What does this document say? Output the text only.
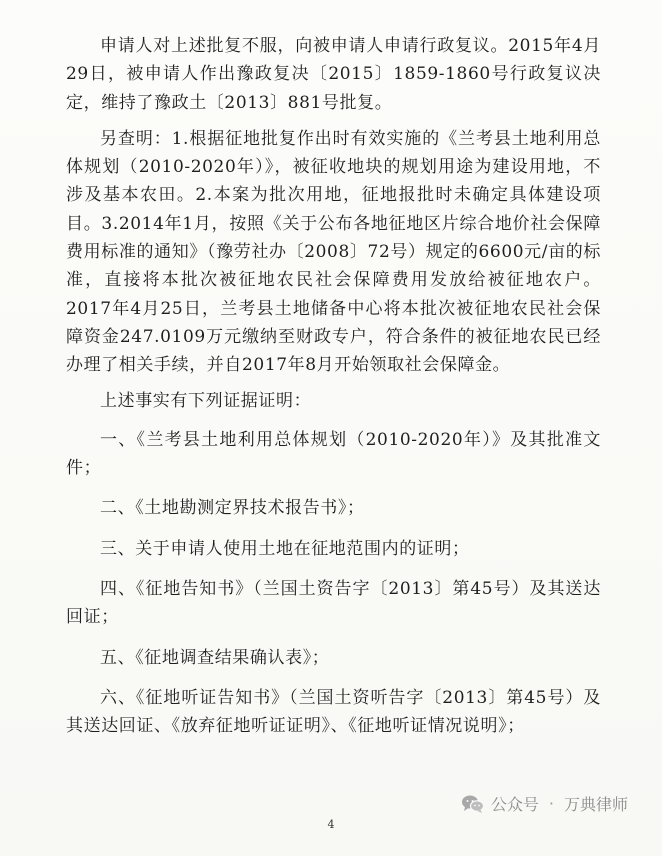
申请人对上述批复不服，向被申请人申请行政复议。2015年4月29日，被申请人作出豫政复决〔2015〕1859-1860号行政复议决定，维持了豫政土〔2013〕881号批复。

另查明：1.根据征地批复作出时有效实施的《兰考县土地利用总体规划（2010-2020年）》，被征收地块的规划用途为建设用地，不涉及基本农田。2.本案为批次用地，征地报批时未确定具体建设项目。3.2014年1月，按照《关于公布各地征地区片综合地价社会保障费用标准的通知》（豫劳社办〔2008〕72号）规定的6600元/亩的标准，直接将本批次被征地农民社会保障费用发放给被征地农户。2017年4月25日，兰考县土地储备中心将本批次被征地农民社会保障资金247.0109万元缴纳至财政专户，符合条件的被征地农民已经办理了相关手续，并自2017年8月开始领取社会保障金。

上述事实有下列证据证明：

一、《兰考县土地利用总体规划（2010-2020年）》及其批准文件；

二、《土地勘测定界技术报告书》；

三、关于申请人使用土地在征地范围内的证明；

四、《征地告知书》（兰国土资告字〔2013〕第45号）及其送达回证；

五、《征地调查结果确认表》；

六、《征地听证告知书》（兰国土资听告字〔2013〕第45号）及其送达回证、《放弃征地听证证明》、《征地听证情况说明》；

公众号 · 万典律师
4
